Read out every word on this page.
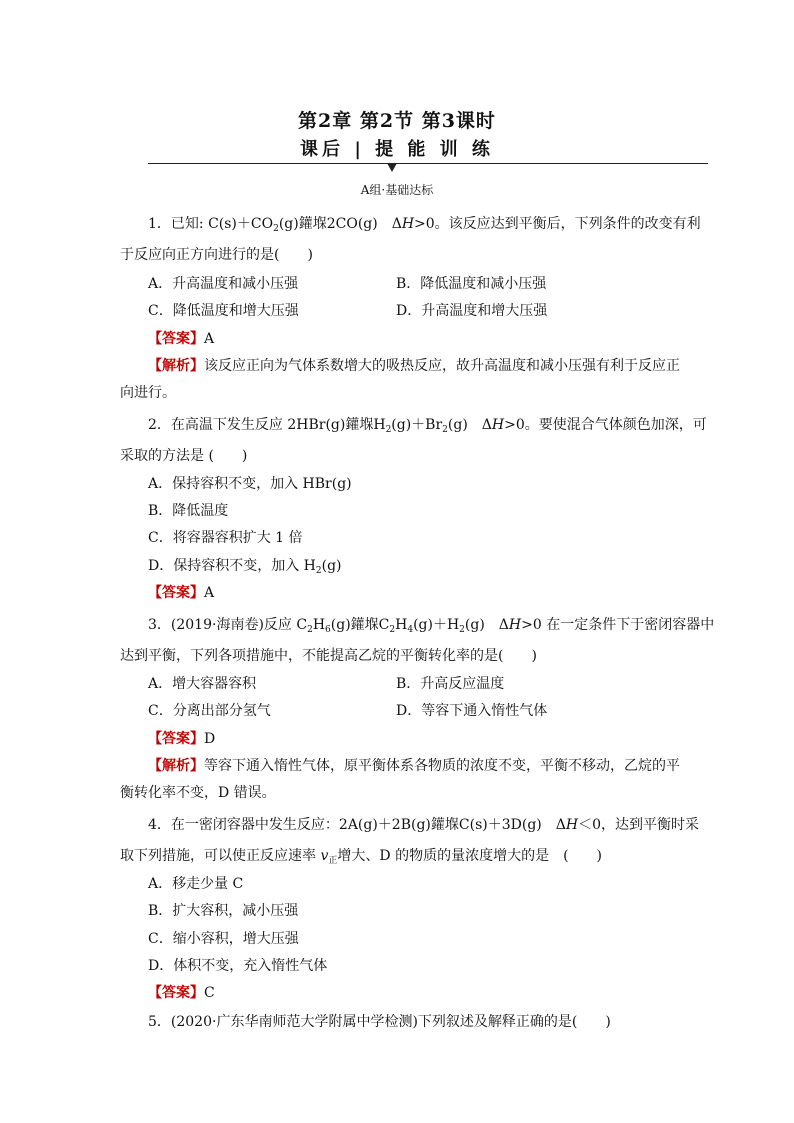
第2章 第2节 第3课时
课后 | 提 能 训 练
A组·基础达标
1．已知: $C(s)+CO_2(g)$鑵堢2CO(g)　ΔH>0。该反应达到平衡后，下列条件的改变有利
于反应向正方向进行的是(　　)
A．升高温度和减小压强	B．降低温度和减小压强
C．降低温度和增大压强	D．升高温度和增大压强
【答案】A
【解析】该反应正向为气体系数增大的吸热反应，故升高温度和减小压强有利于反应正
向进行。
2．在高温下发生反应 2HBr(g)鑵堢$H_2(g)+Br_2(g)$　ΔH>0。要使混合气体颜色加深，可
采取的方法是 (　　)
A．保持容积不变，加入 HBr(g)
B．降低温度
C．将容器容积扩大 1 倍
D．保持容积不变，加入 $H_2(g)$
【答案】A
3．(2019·海南卷)反应 $C_2H_6(g)$鑵堢$C_2H_4(g)+H_2(g)$　ΔH>0 在一定条件下于密闭容器中
达到平衡，下列各项措施中，不能提高乙烷的平衡转化率的是(　　)
A．增大容器容积	B．升高反应温度
C．分离出部分氢气	D．等容下通入惰性气体
【答案】D
【解析】等容下通入惰性气体，原平衡体系各物质的浓度不变，平衡不移动，乙烷的平
衡转化率不变，D 错误。
4．在一密闭容器中发生反应：2A(g)＋2B(g)鑵堢C(s)＋3D(g)　ΔH＜0，达到平衡时采
取下列措施，可以使正反应速率 $v_正$增大、D 的物质的量浓度增大的是　(　　)
A．移走少量 C
B．扩大容积，减小压强
C．缩小容积，增大压强
D．体积不变，充入惰性气体
【答案】C
5．(2020·广东华南师范大学附属中学检测)下列叙述及解释正确的是(　　)
